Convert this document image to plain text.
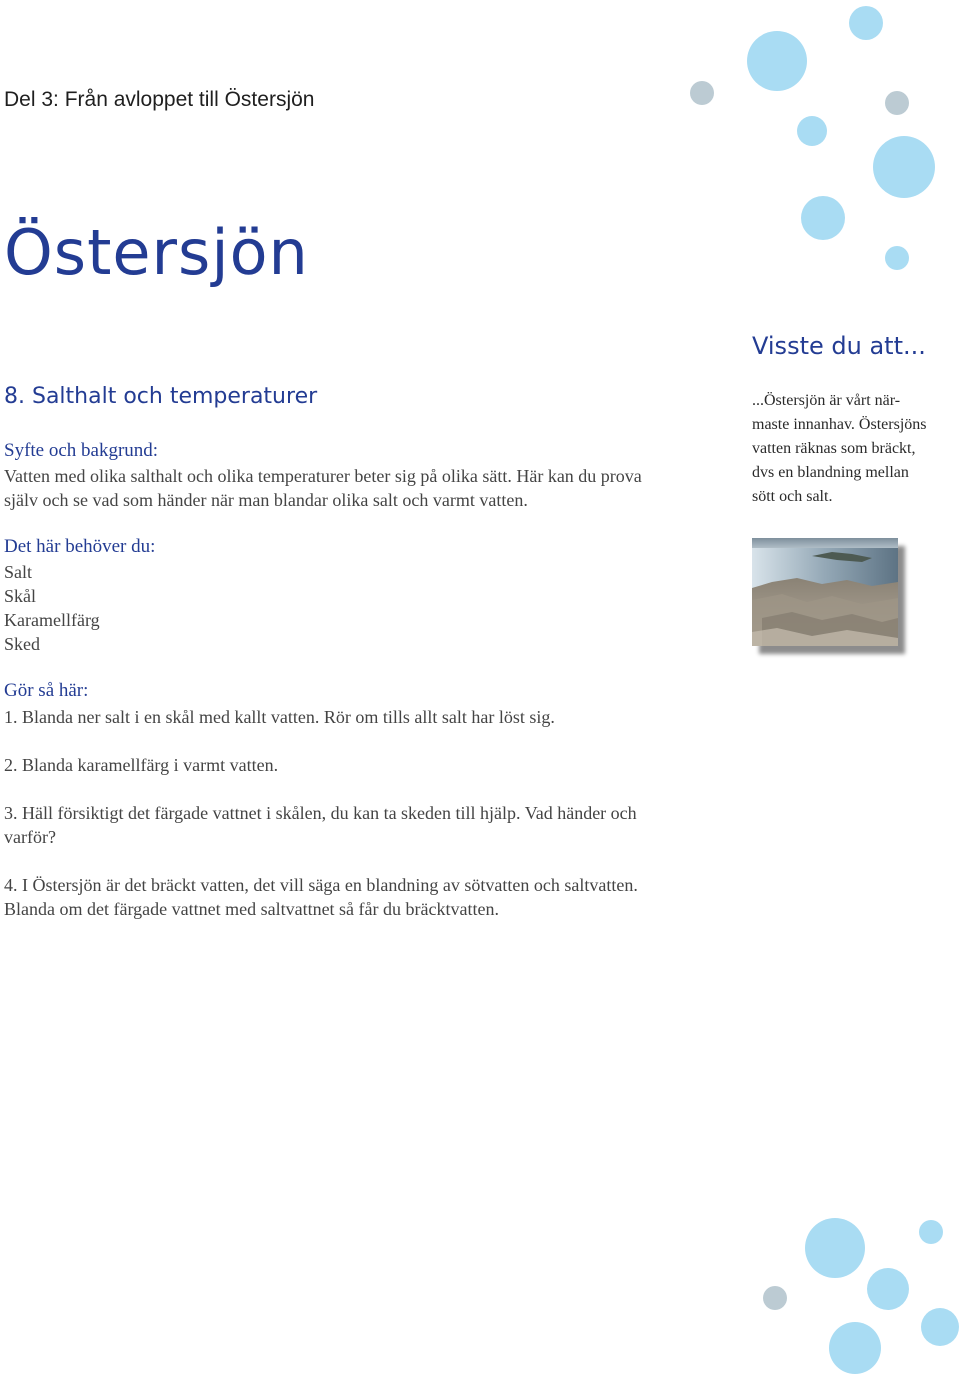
Del 3: Från avloppet till Östersjön
Östersjön
8. Salthalt och temperaturer
Syfte och bakgrund:
Vatten med olika salthalt och olika temperaturer beter sig på olika sätt. Här kan du prova
själv och se vad som händer när man blandar olika salt och varmt vatten.
Det här behöver du:
Salt
Skål
Karamellfärg
Sked
Gör så här:
1. Blanda ner salt i en skål med kallt vatten. Rör om tills allt salt har löst sig.
2. Blanda karamellfärg i varmt vatten.
3. Häll försiktigt det färgade vattnet i skålen, du kan ta skeden till hjälp. Vad händer och
varför?
4. I Östersjön är det bräckt vatten, det vill säga en blandning av sötvatten och saltvatten.
Blanda om det färgade vattnet med saltvattnet så får du bräcktvatten.
Visste du att...
...Östersjön är vårt när-
maste innanhav. Östersjöns
vatten räknas som bräckt,
dvs en blandning mellan
sött och salt.
